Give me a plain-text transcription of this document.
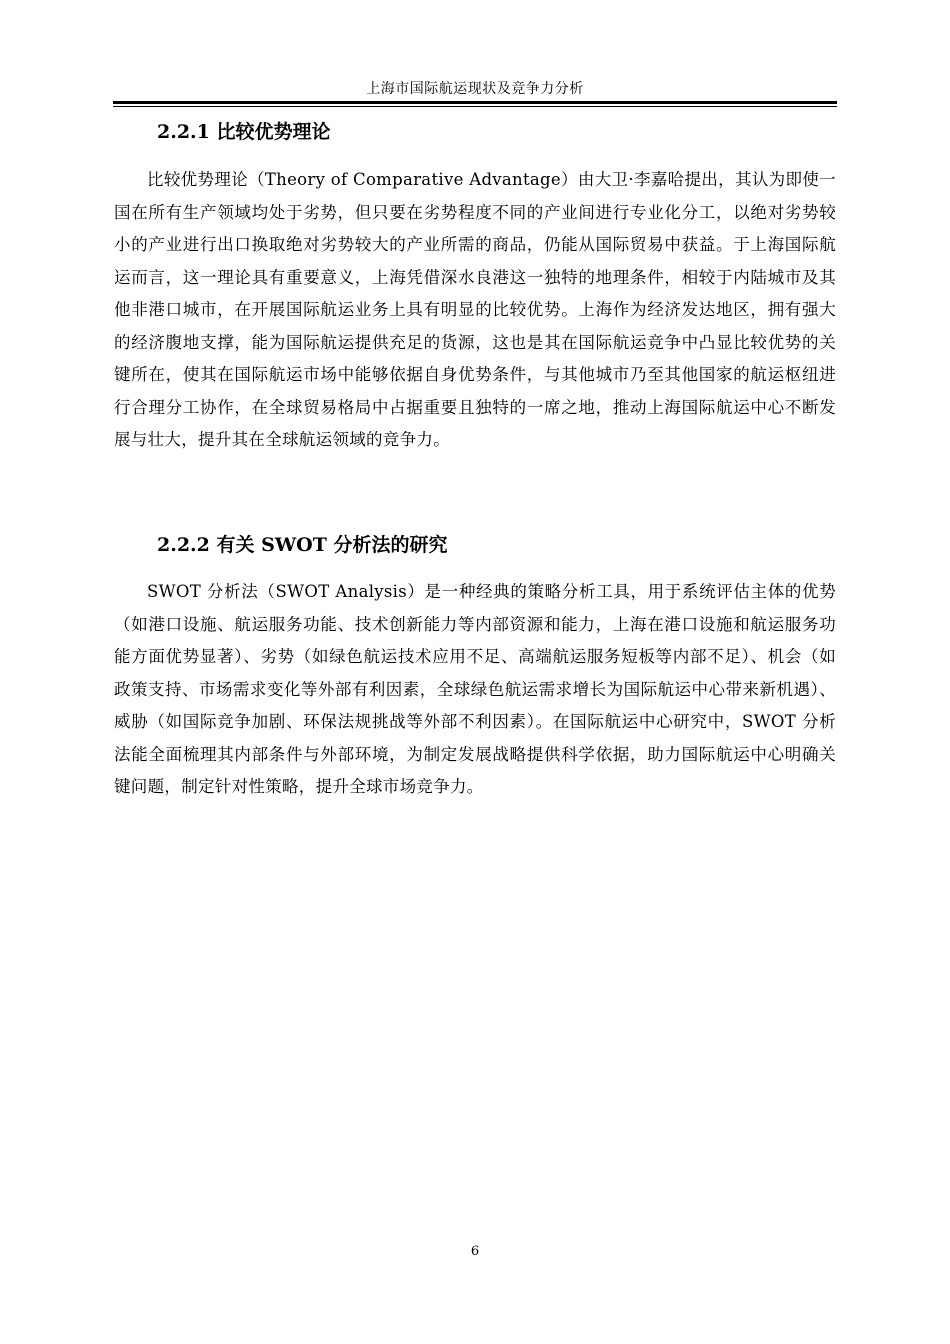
上海市国际航运现状及竞争力分析
2.2.1 比较优势理论

比较优势理论（Theory of Comparative Advantage）由大卫·李嘉哈提出，其认为即使一国在所有生产领域均处于劣势，但只要在劣势程度不同的产业间进行专业化分工，以绝对劣势较小的产业进行出口换取绝对劣势较大的产业所需的商品，仍能从国际贸易中获益。于上海国际航运而言，这一理论具有重要意义，上海凭借深水良港这一独特的地理条件，相较于内陆城市及其他非港口城市，在开展国际航运业务上具有明显的比较优势。上海作为经济发达地区，拥有强大的经济腹地支撑，能为国际航运提供充足的货源，这也是其在国际航运竞争中凸显比较优势的关键所在，使其在国际航运市场中能够依据自身优势条件，与其他城市乃至其他国家的航运枢纽进行合理分工协作，在全球贸易格局中占据重要且独特的一席之地，推动上海国际航运中心不断发展与壮大，提升其在全球航运领域的竞争力。

2.2.2 有关 SWOT 分析法的研究

SWOT 分析法（SWOT Analysis）是一种经典的策略分析工具，用于系统评估主体的优势（如港口设施、航运服务功能、技术创新能力等内部资源和能力，上海在港口设施和航运服务功能方面优势显著）、劣势（如绿色航运技术应用不足、高端航运服务短板等内部不足）、机会（如政策支持、市场需求变化等外部有利因素，全球绿色航运需求增长为国际航运中心带来新机遇）、威胁（如国际竞争加剧、环保法规挑战等外部不利因素）。在国际航运中心研究中，SWOT 分析法能全面梳理其内部条件与外部环境，为制定发展战略提供科学依据，助力国际航运中心明确关键问题，制定针对性策略，提升全球市场竞争力。

6
